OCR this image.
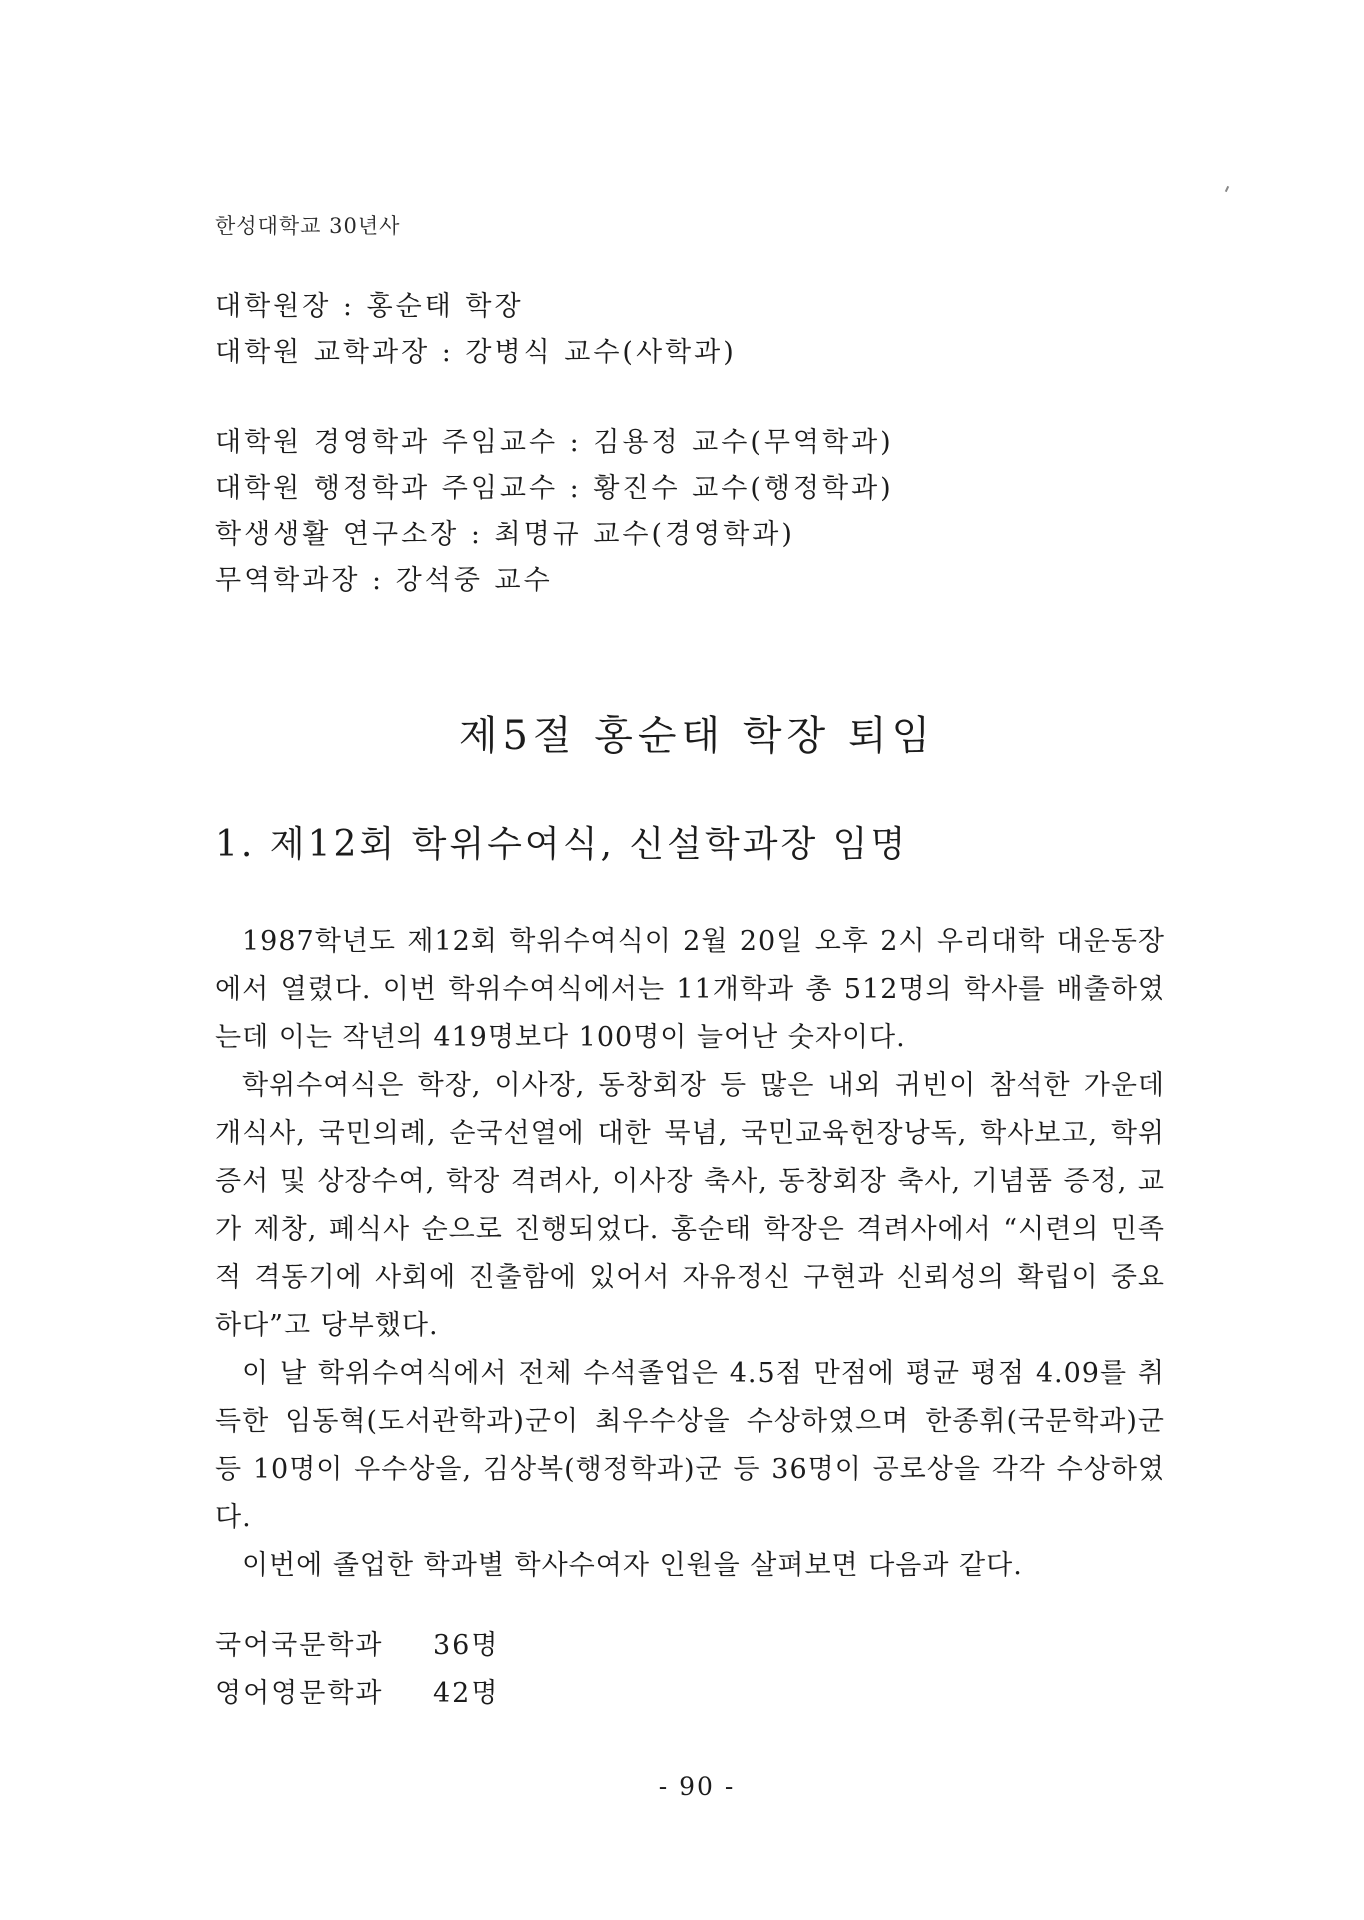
한성대학교 30년사
대학원장 : 홍순태 학장
대학원 교학과장 : 강병식 교수(사학과)
대학원 경영학과 주임교수 : 김용정 교수(무역학과)
대학원 행정학과 주임교수 : 황진수 교수(행정학과)
학생생활 연구소장 : 최명규 교수(경영학과)
무역학과장 : 강석중 교수
제5절 홍순태 학장 퇴임
1. 제12회 학위수여식, 신설학과장 임명

1987학년도 제12회 학위수여식이 2월 20일 오후 2시 우리대학 대운동장에서 열렸다. 이번 학위수여식에서는 11개학과 총 512명의 학사를 배출하였는데 이는 작년의 419명보다 100명이 늘어난 숫자이다.

학위수여식은 학장, 이사장, 동창회장 등 많은 내외 귀빈이 참석한 가운데 개식사, 국민의례, 순국선열에 대한 묵념, 국민교육헌장낭독, 학사보고, 학위증서 및 상장수여, 학장 격려사, 이사장 축사, 동창회장 축사, 기념품 증정, 교가 제창, 폐식사 순으로 진행되었다. 홍순태 학장은 격려사에서 “시련의 민족적 격동기에 사회에 진출함에 있어서 자유정신 구현과 신뢰성의 확립이 중요하다”고 당부했다.

이 날 학위수여식에서 전체 수석졸업은 4.5점 만점에 평균 평점 4.09를 취득한 임동혁(도서관학과)군이 최우수상을 수상하였으며 한종휘(국문학과)군 등 10명이 우수상을, 김상복(행정학과)군 등 36명이 공로상을 각각 수상하였다.

이번에 졸업한 학과별 학사수여자 인원을 살펴보면 다음과 같다.

국어국문학과	36명
영어영문학과	42명
- 90 -
